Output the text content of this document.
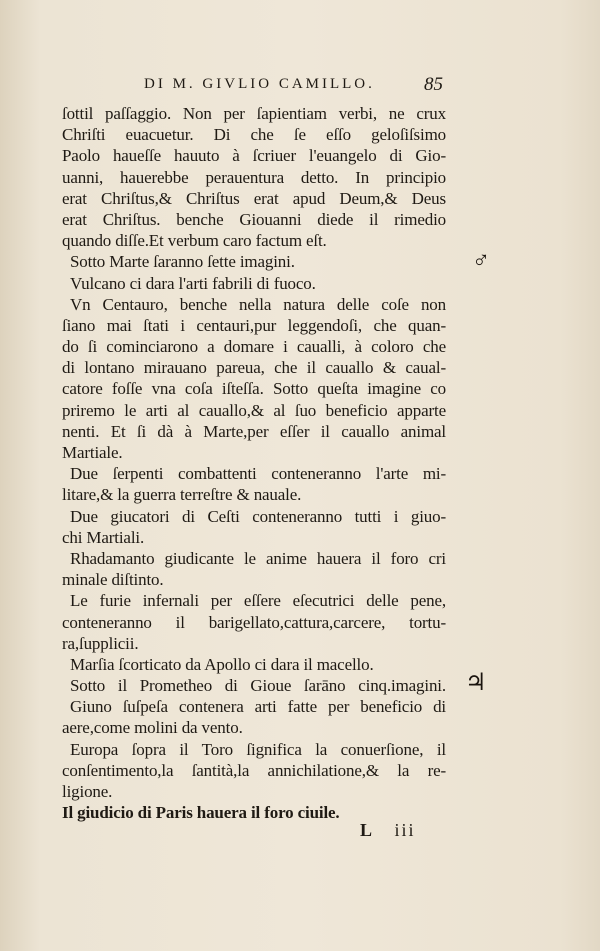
DI M. GIVLIO CAMILLO.	85
ſottil paſſaggio. Non per ſapientiam verbi, ne crux
Chriſti euacuetur. Di che ſe eſſo geloſiſsimo
Paolo haueſſe hauuto à ſcriuer l'euangelo di Gio-
uanni, hauerebbe perauentura detto. In principio
erat Chriſtus,& Chriſtus erat apud Deum,& Deus
erat Chriſtus. benche Giouanni diede il rimedio
quando diſſe.Et verbum caro factum eſt.
Sotto Marte ſaranno ſette imagini.
Vulcano ci dara l'arti fabrili di fuoco.
Vn Centauro, benche nella natura delle coſe non
ſiano mai ſtati i centauri,pur leggendoſi, che quan-
do ſi cominciarono a domare i caualli, à coloro che
di lontano mirauano pareua, che il cauallo & caual-
catore foſſe vna coſa iſteſſa. Sotto queſta imagine co
priremo le arti al cauallo,& al ſuo beneficio apparte
nenti. Et ſi dà à Marte,per eſſer il cauallo animal
Martiale.
Due ſerpenti combattenti conteneranno l'arte mi-
litare,& la guerra terreſtre & nauale.
Due giucatori di Ceſti conteneranno tutti i giuo-
chi Martiali.
Rhadamanto giudicante le anime hauera il foro cri
minale diſtinto.
Le furie infernali per eſſere eſecutrici delle pene,
conteneranno il barigellato,cattura,carcere, tortu-
ra,ſupplicii.
Marſia ſcorticato da Apollo ci dara il macello.
Sotto il Prometheo di Gioue ſarāno cinq.imagini.
Giuno ſuſpeſa contenera arti fatte per beneficio di
aere,come molini da vento.
Europa ſopra il Toro ſignifica la conuerſione, il
conſentimento,la ſantità,la annichilatione,& la re-
ligione.
Il giudicio di Paris hauera il foro ciuile.
♂
♃
L iii
